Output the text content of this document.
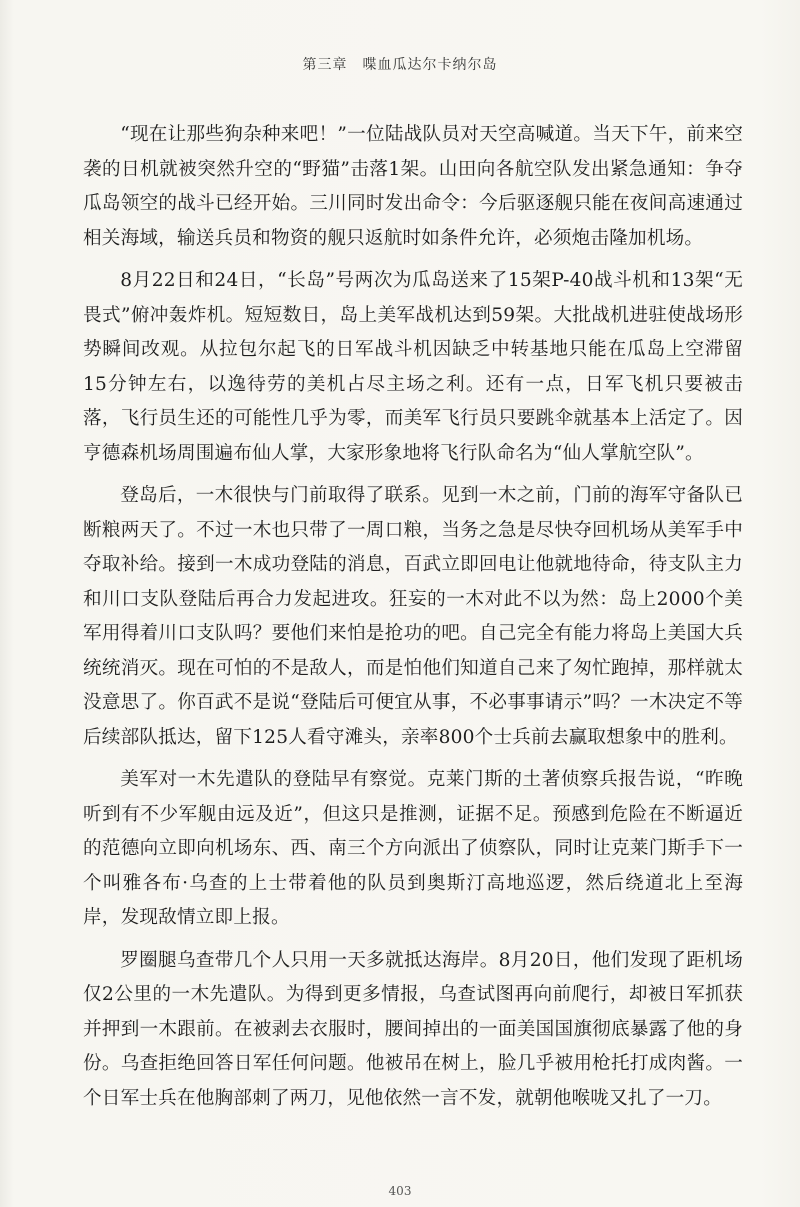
第三章　喋血瓜达尔卡纳尔岛

“现在让那些狗杂种来吧！”一位陆战队员对天空高喊道。当天下午，前来空袭的日机就被突然升空的“野猫”击落1架。山田向各航空队发出紧急通知：争夺瓜岛领空的战斗已经开始。三川同时发出命令：今后驱逐舰只能在夜间高速通过相关海域，输送兵员和物资的舰只返航时如条件允许，必须炮击隆加机场。

8月22日和24日，“长岛”号两次为瓜岛送来了15架P-40战斗机和13架“无畏式”俯冲轰炸机。短短数日，岛上美军战机达到59架。大批战机进驻使战场形势瞬间改观。从拉包尔起飞的日军战斗机因缺乏中转基地只能在瓜岛上空滞留15分钟左右，以逸待劳的美机占尽主场之利。还有一点，日军飞机只要被击落，飞行员生还的可能性几乎为零，而美军飞行员只要跳伞就基本上活定了。因亨德森机场周围遍布仙人掌，大家形象地将飞行队命名为“仙人掌航空队”。

登岛后，一木很快与门前取得了联系。见到一木之前，门前的海军守备队已断粮两天了。不过一木也只带了一周口粮，当务之急是尽快夺回机场从美军手中夺取补给。接到一木成功登陆的消息，百武立即回电让他就地待命，待支队主力和川口支队登陆后再合力发起进攻。狂妄的一木对此不以为然：岛上2000个美军用得着川口支队吗？要他们来怕是抢功的吧。自己完全有能力将岛上美国大兵统统消灭。现在可怕的不是敌人，而是怕他们知道自己来了匆忙跑掉，那样就太没意思了。你百武不是说“登陆后可便宜从事，不必事事请示”吗？一木决定不等后续部队抵达，留下125人看守滩头，亲率800个士兵前去赢取想象中的胜利。

美军对一木先遣队的登陆早有察觉。克莱门斯的土著侦察兵报告说，“昨晚听到有不少军舰由远及近”，但这只是推测，证据不足。预感到危险在不断逼近的范德向立即向机场东、西、南三个方向派出了侦察队，同时让克莱门斯手下一个叫雅各布·乌查的上士带着他的队员到奥斯汀高地巡逻，然后绕道北上至海岸，发现敌情立即上报。

罗圈腿乌查带几个人只用一天多就抵达海岸。8月20日，他们发现了距机场仅2公里的一木先遣队。为得到更多情报，乌查试图再向前爬行，却被日军抓获并押到一木跟前。在被剥去衣服时，腰间掉出的一面美国国旗彻底暴露了他的身份。乌查拒绝回答日军任何问题。他被吊在树上，脸几乎被用枪托打成肉酱。一个日军士兵在他胸部刺了两刀，见他依然一言不发，就朝他喉咙又扎了一刀。

403
